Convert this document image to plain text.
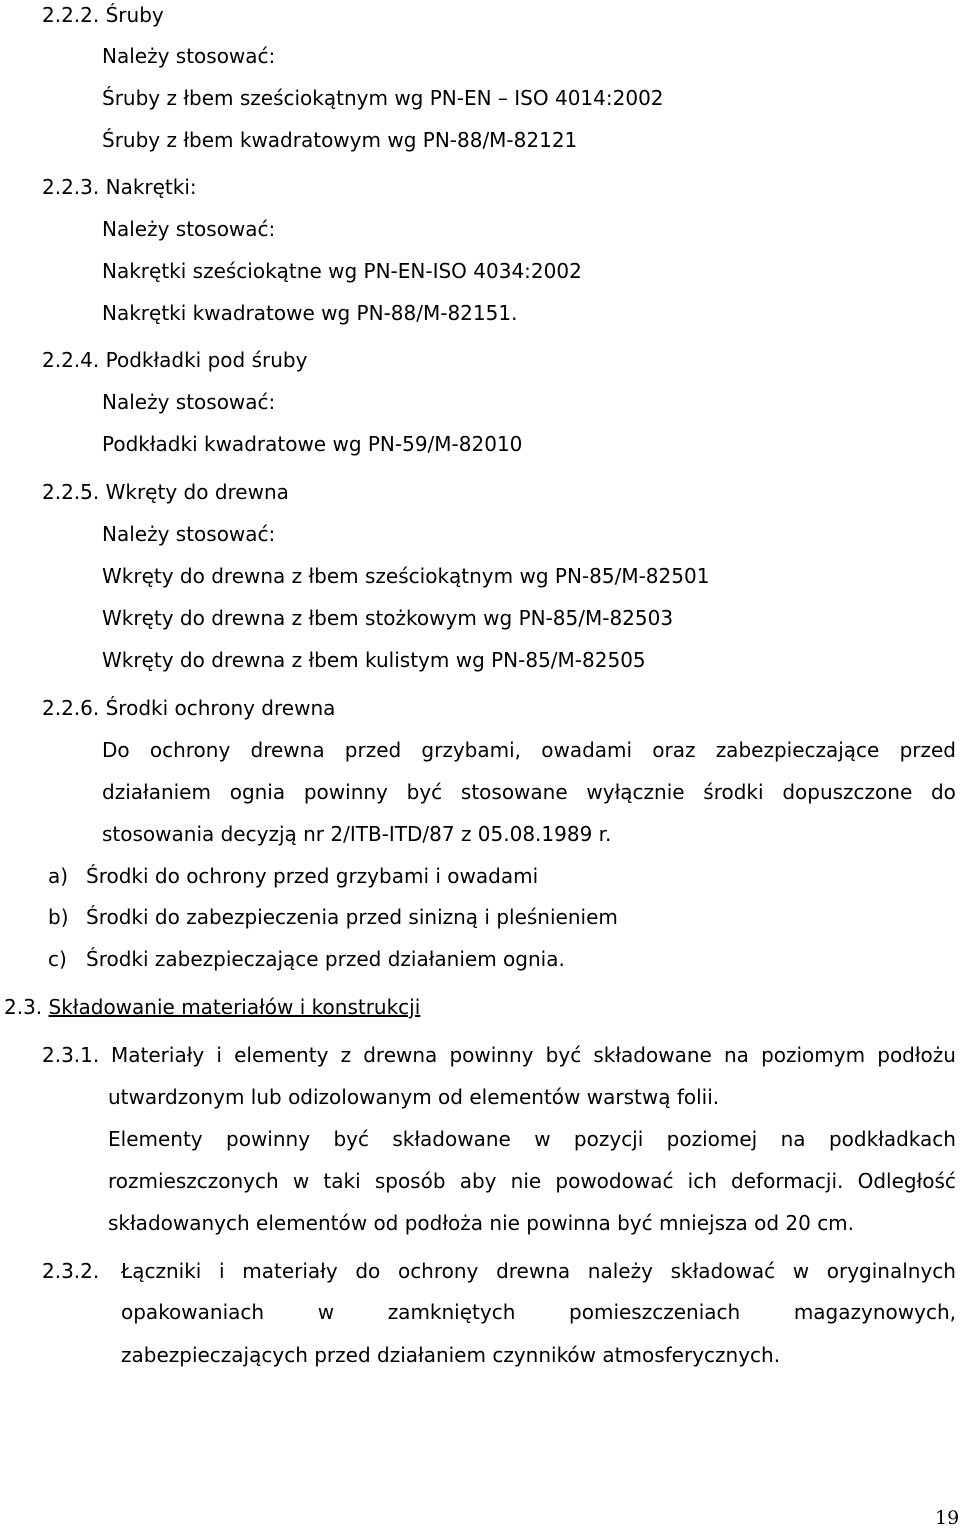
2.2.2. Śruby
Należy stosować:
Śruby z łbem sześciokątnym wg PN-EN – ISO 4014:2002
Śruby z łbem kwadratowym wg PN-88/M-82121
2.2.3. Nakrętki:
Należy stosować:
Nakrętki sześciokątne wg PN-EN-ISO 4034:2002
Nakrętki kwadratowe wg PN-88/M-82151.
2.2.4. Podkładki pod śruby
Należy stosować:
Podkładki kwadratowe wg PN-59/M-82010
2.2.5. Wkręty do drewna
Należy stosować:
Wkręty do drewna z łbem sześciokątnym wg PN-85/M-82501
Wkręty do drewna z łbem stożkowym wg PN-85/M-82503
Wkręty do drewna z łbem kulistym wg PN-85/M-82505
2.2.6. Środki ochrony drewna
Do ochrony drewna przed grzybami, owadami oraz zabezpieczające przed
działaniem ognia powinny być stosowane wyłącznie środki dopuszczone do
stosowania decyzją nr 2/ITB-ITD/87 z 05.08.1989 r.
a) Środki do ochrony przed grzybami i owadami
b) Środki do zabezpieczenia przed sinizną i pleśnieniem
c) Środki zabezpieczające przed działaniem ognia.
2.3. Składowanie materiałów i konstrukcji
2.3.1. Materiały i elementy z drewna powinny być składowane na poziomym podłożu
utwardzonym lub odizolowanym od elementów warstwą folii.
Elementy powinny być składowane w pozycji poziomej na podkładkach
rozmieszczonych w taki sposób aby nie powodować ich deformacji. Odległość
składowanych elementów od podłoża nie powinna być mniejsza od 20 cm.
2.3.2. Łączniki i materiały do ochrony drewna należy składować w oryginalnych
opakowaniach	w	zamkniętych	pomieszczeniach	magazynowych,
zabezpieczających przed działaniem czynników atmosferycznych.
19
